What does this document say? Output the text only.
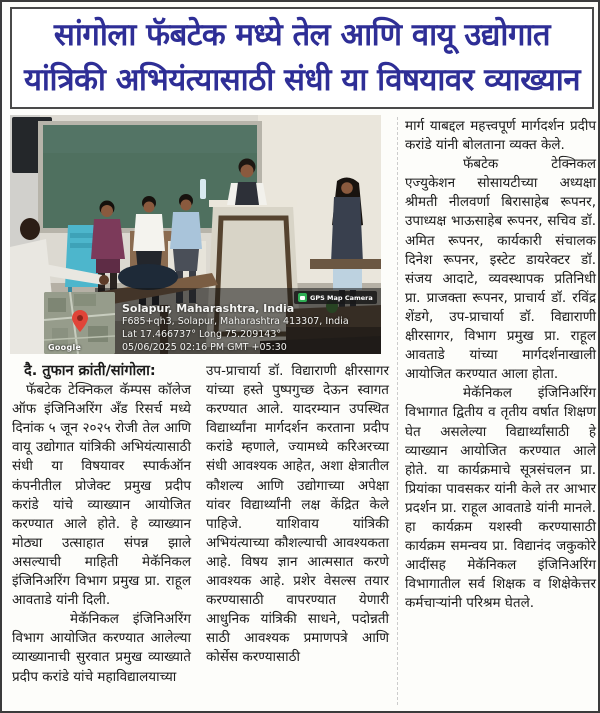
सांगोला फॅबटेक मध्ये तेल आणि वायू उद्योगात
यांत्रिकी अभियंत्यासाठी संधी या विषयावर व्याख्यान
Google
Solapur, Maharashtra, India
F685+qh3, Solapur, Maharashtra 413307, India
Lat 17.466737° Long 75.209143°
05/06/2025 02:16 PM GMT +05:30
GPS Map Camera

दै. तुफान क्रांती/सांगोला:

फॅबटेक टेक्निकल कॅम्पस कॉलेज ऑफ इंजिनिअरिंग अँड रिसर्च मध्ये दिनांक ५ जून २०२५ रोजी तेल आणि वायू उद्योगात यांत्रिकी अभियंत्यासाठी संधी या विषयावर स्पार्कऑन कंपनीतील प्रोजेक्ट प्रमुख प्रदीप करांडे यांचे व्याख्यान आयोजित करण्यात आले होते. हे व्याख्यान मोठ्या उत्साहात संपन्न झाले असल्याची माहिती मेकॅनिकल इंजिनिअरिंग विभाग प्रमुख प्रा. राहूल आवताडे यांनी दिली.

मेकॅनिकल इंजिनिअरिंग विभाग आयोजित करण्यात आलेल्या व्याख्यानाची सुरवात प्रमुख व्याख्याते प्रदीप करांडे यांचे महाविद्यालयाच्या

उप-प्राचार्या डॉ. विद्याराणी क्षीरसागर यांच्या हस्ते पुष्पगुच्छ देऊन स्वागत करण्यात आले. यादरम्यान उपस्थित विद्यार्थ्यांना मार्गदर्शन करताना प्रदीप करांडे म्हणाले, ज्यामध्ये करिअरच्या संधी आवश्यक आहेत, अशा क्षेत्रातील कौशल्य आणि उद्योगाच्या अपेक्षा यांवर विद्यार्थ्यांनी लक्ष केंद्रित केले पाहिजे. याशिवाय यांत्रिकी अभियंत्याच्या कौशल्याची आवश्यकता आहे. विषय ज्ञान आत्मसात करणे आवश्यक आहे. प्रशेर वेसल्स तयार करण्यासाठी वापरण्यात येणारी आधुनिक यांत्रिकी साधने, पदोन्नती साठी आवश्यक प्रमाणपत्रे आणि कोर्सेस करण्यासाठी

मार्ग याबद्दल महत्त्वपूर्ण मार्गदर्शन प्रदीप करांडे यांनी बोलताना व्यक्त केले.

फॅबटेक टेक्निकल एज्युकेशन सोसायटीच्या अध्यक्षा श्रीमती नीलवर्णा बिरासाहेब रूपनर, उपाध्यक्ष भाऊसाहेब रूपनर, सचिव डॉ. अमित रूपनर, कार्यकारी संचालक दिनेश रूपनर, इस्टेट डायरेक्टर डॉ. संजय आदाटे, व्यवस्थापक प्रतिनिधी प्रा. प्राजक्ता रूपनर, प्राचार्य डॉ. रविंद्र शेंडगे, उप-प्राचार्या डॉ. विद्याराणी क्षीरसागर, विभाग प्रमुख प्रा. राहूल आवताडे यांच्या मार्गदर्शनाखाली आयोजित करण्यात आला होता.

मेकॅनिकल इंजिनिअरिंग विभागात द्वितीय व तृतीय वर्षात शिक्षण घेत असलेल्या विद्यार्थ्यांसाठी हे व्याख्यान आयोजित करण्यात आले होते. या कार्यक्रमाचे सूत्रसंचलन प्रा. प्रियांका पावसकर यांनी केले तर आभार प्रदर्शन प्रा. राहूल आवताडे यांनी मानले. हा कार्यक्रम यशस्वी करण्यासाठी कार्यक्रम समन्वय प्रा. विद्यानंद जकुकोरे आदींसह मेकॅनिकल इंजिनिअरिंग विभागातील सर्व शिक्षक व शिक्षेकेत्तर कर्मचाऱ्यांनी परिश्रम घेतले.
